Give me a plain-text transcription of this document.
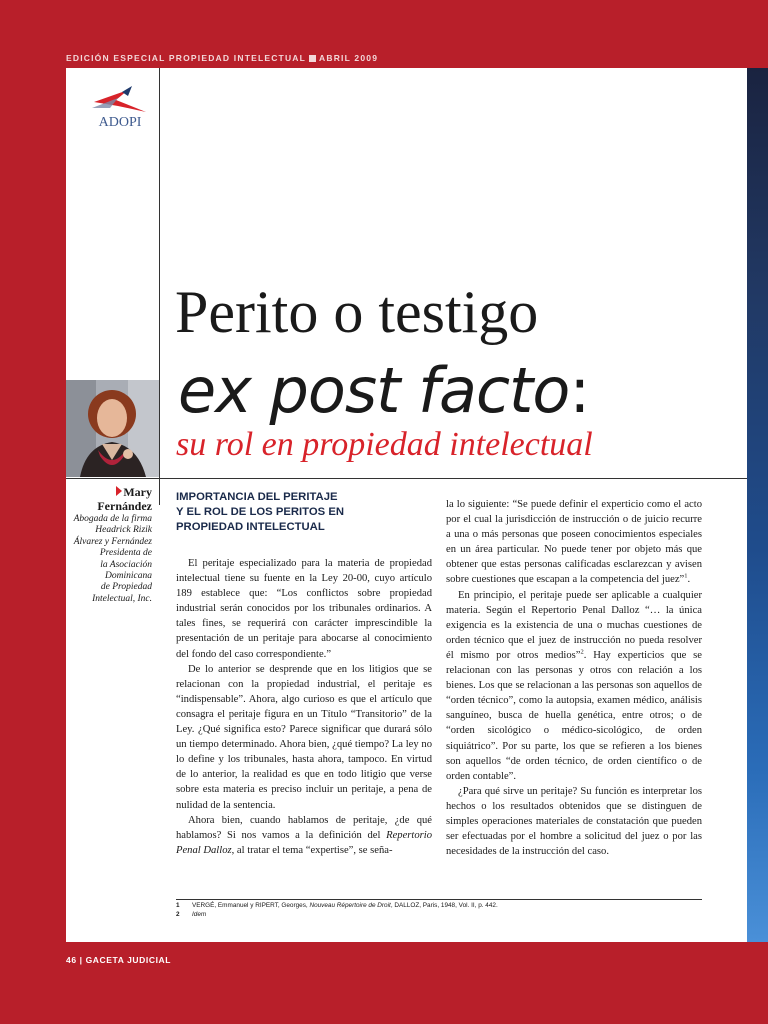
EDICIÓN ESPECIAL PROPIEDAD INTELECTUAL ABRIL 2009
ADOPI
Perito o testigo
ex post facto:
su rol en propiedad intelectual
Mary
Fernández
Abogada de la firma
Headrick Rizik
Álvarez y Fernández
Presidenta de
la Asociación
Dominicana
de Propiedad
Intelectual, Inc.
IMPORTANCIA DEL PERITAJE
Y EL ROL DE LOS PERITOS EN
PROPIEDAD INTELECTUAL

El peritaje especializado para la materia de propiedad intelectual tiene su fuente en la Ley 20-00, cuyo artículo 189 establece que: “Los conflictos sobre propiedad industrial serán conocidos por los tribunales ordinarios. A tales fines, se requerirá con carácter imprescindible la presentación de un peritaje para abocarse al conocimiento del fondo del caso correspondiente.”

De lo anterior se desprende que en los litigios que se relacionan con la propiedad industrial, el peritaje es “indispensable”. Ahora, algo curioso es que el artículo que consagra el peritaje figura en un Título “Transitorio” de la Ley. ¿Qué significa esto? Parece significar que durará sólo un tiempo determinado. Ahora bien, ¿qué tiempo? La ley no lo define y los tribunales, hasta ahora, tampoco. En virtud de lo anterior, la realidad es que en todo litigio que verse sobre esta materia es preciso incluir un peritaje, a pena de nulidad de la sentencia.

Ahora bien, cuando hablamos de peritaje, ¿de qué hablamos? Si nos vamos a la definición del Repertorio Penal Dalloz, al tratar el tema “expertise”, se seña-

la lo siguiente: “Se puede definir el experticio como el acto por el cual la jurisdicción de instrucción o de juicio recurre a una o más personas que poseen conocimientos especiales en un área particular. No puede tener por objeto más que obtener que estas personas calificadas esclarezcan y avisen sobre cuestiones que escapan a la competencia del juez”$^1$.

En principio, el peritaje puede ser aplicable a cualquier materia. Según el Repertorio Penal Dalloz “… la única exigencia es la existencia de una o muchas cuestiones de orden técnico que el juez de instrucción no pueda resolver él mismo por otros medios”$^2$. Hay experticios que se relacionan con las personas y otros con relación a los bienes. Los que se relacionan a las personas son aquellos de “orden técnico”, como la autopsia, examen médico, análisis sanguíneo, busca de huella genética, entre otros; o de “orden sicológico o médico-sicológico, de orden siquiátrico”. Por su parte, los que se refieren a los bienes son aquellos “de orden técnico, de orden científico o de orden contable”.

¿Para qué sirve un peritaje? Su función es interpretar los hechos o los resultados obtenidos que se distinguen de simples operaciones materiales de constatación que pueden ser efectuadas por el hombre a solicitud del juez o por las necesidades de la instrucción del caso.

1 VERGÉ, Emmanuel y RIPERT, Georges, Nouveau Répertoire de Droit, DALLOZ, Paris, 1948, Vol. II, p. 442.
2 Idem
46 | GACETA JUDICIAL
